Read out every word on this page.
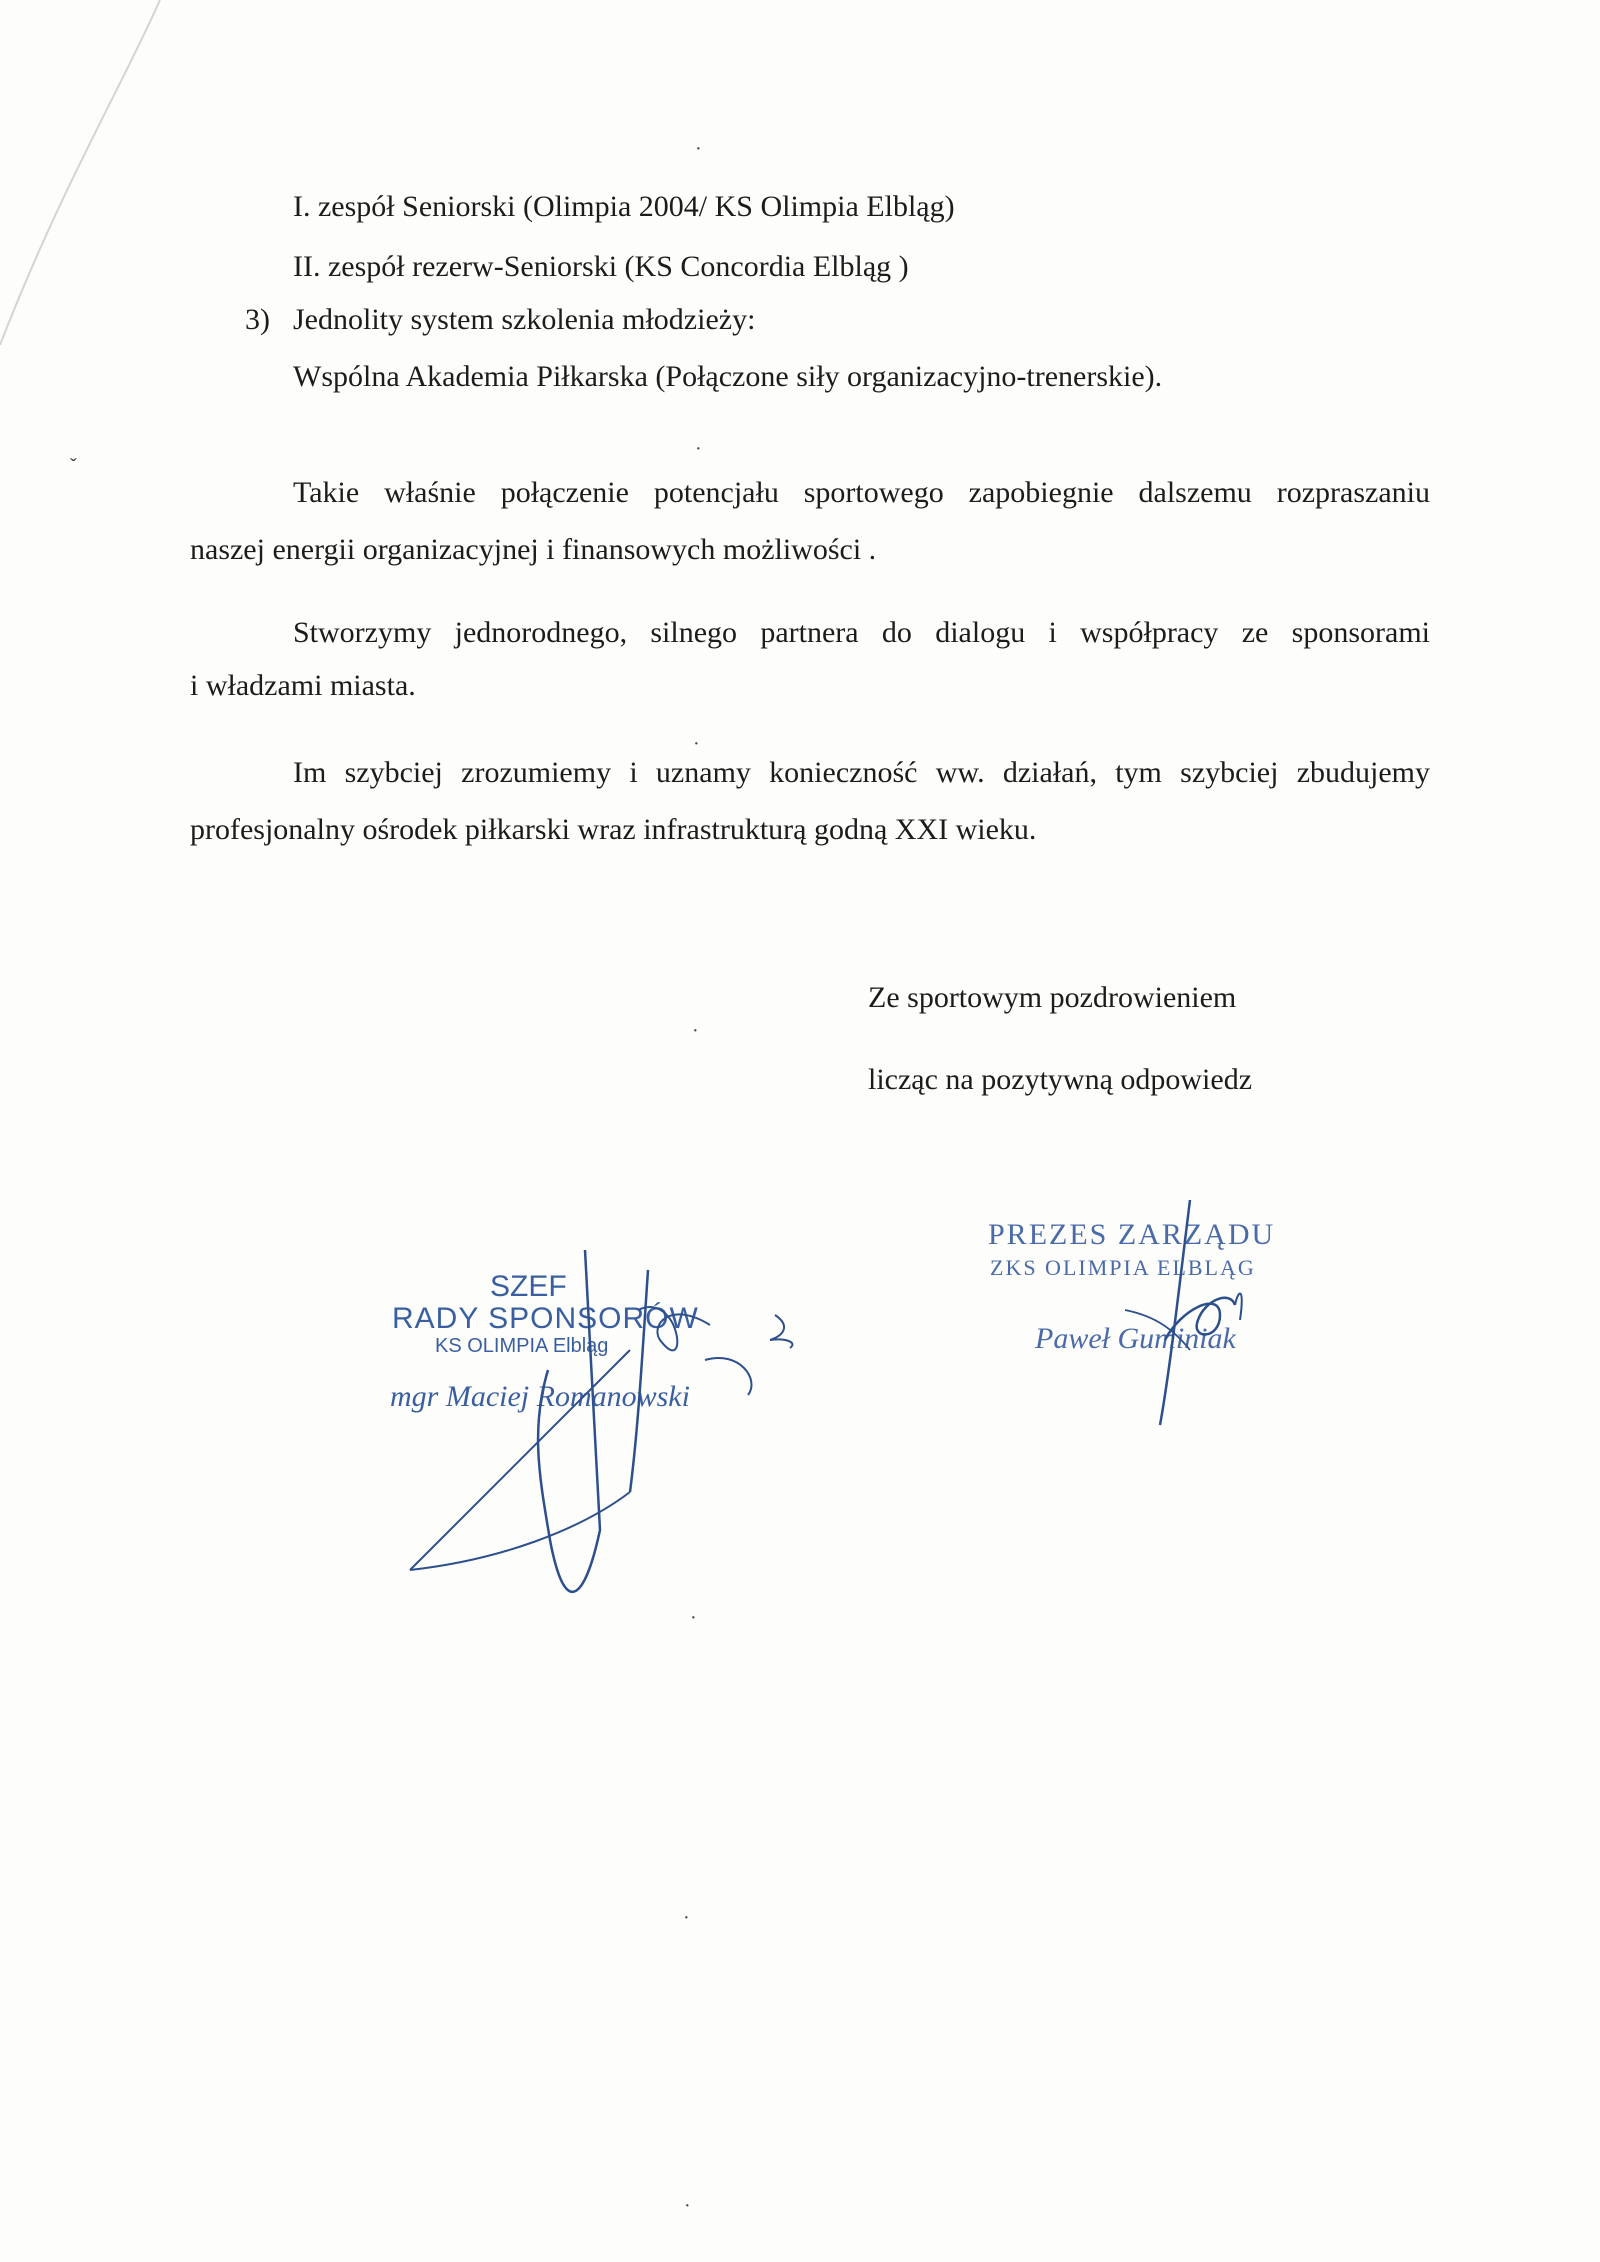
·
·
ˇ
·
·
·
·
·
I. zespół Seniorski (Olimpia 2004/ KS Olimpia Elbląg)
II. zespół rezerw-Seniorski (KS Concordia Elbląg )
3) Jednolity system szkolenia młodzieży:
Wspólna Akademia Piłkarska (Połączone siły organizacyjno-trenerskie).
Takie właśnie połączenie potencjału sportowego zapobiegnie dalszemu rozpraszaniu
naszej energii organizacyjnej i finansowych możliwości .
Stworzymy jednorodnego, silnego partnera do dialogu i współpracy ze sponsorami
i władzami miasta.
Im szybciej zrozumiemy i uznamy konieczność ww. działań, tym szybciej zbudujemy
profesjonalny ośrodek piłkarski wraz infrastrukturą godną XXI wieku.
Ze sportowym pozdrowieniem
licząc na pozytywną odpowiedz
SZEF
RADY SPONSORÓW
KS OLIMPIA Elbląg
mgr Maciej Romanowski
PREZES ZARZĄDU
ZKS OLIMPIA ELBLĄG
Paweł Guminiak
